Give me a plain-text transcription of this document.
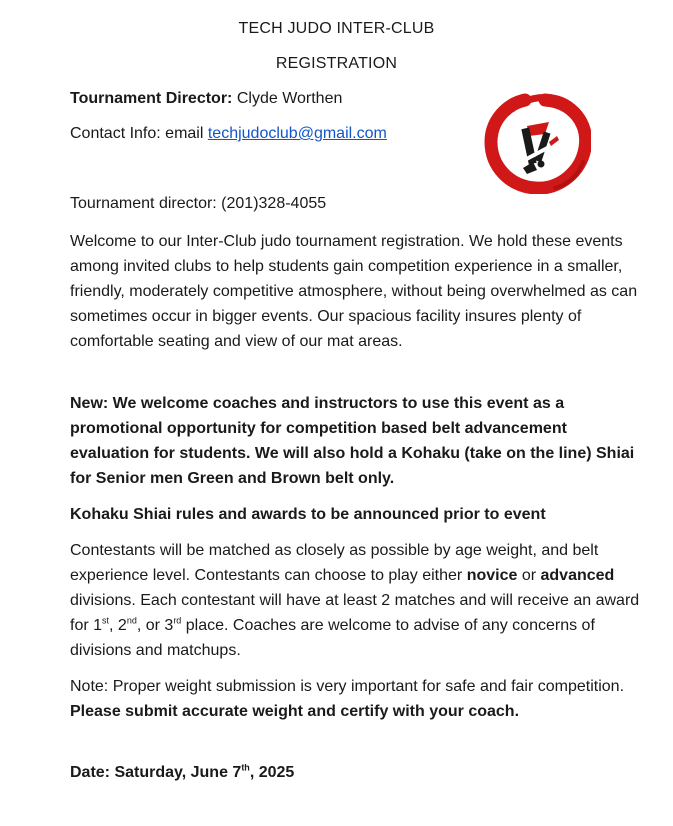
TECH JUDO INTER-CLUB
REGISTRATION
Tournament Director: Clyde Worthen
Contact Info: email techjudoclub@gmail.com
Tournament director: (201)328-4055
Welcome to our Inter-Club judo tournament registration. We hold these events among invited clubs to help students gain competition experience in a smaller, friendly, moderately competitive atmosphere, without being overwhelmed as can sometimes occur in bigger events. Our spacious facility insures plenty of comfortable seating and view of our mat areas.
New: We welcome coaches and instructors to use this event as a promotional opportunity for competition based belt advancement evaluation for students. We will also hold a Kohaku (take on the line) Shiai for Senior men Green and Brown belt only.
Kohaku Shiai rules and awards to be announced prior to event
Contestants will be matched as closely as possible by age weight, and belt experience level. Contestants can choose to play either novice or advanced divisions. Each contestant will have at least 2 matches and will receive an award for 1st, 2nd, or 3rd place. Coaches are welcome to advise of any concerns of divisions and matchups.
Note: Proper weight submission is very important for safe and fair competition. Please submit accurate weight and certify with your coach.
Date: Saturday, June 7th, 2025
